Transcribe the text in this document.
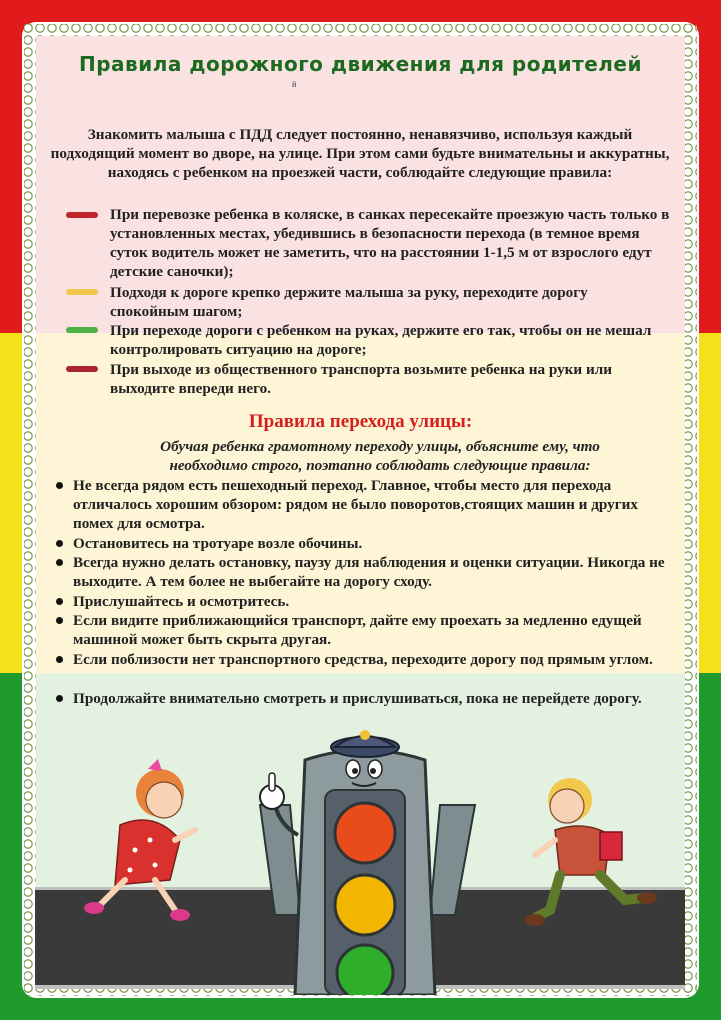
Правила дорожного движения для родителей
й
Знакомить малыша с ПДД следует постоянно, ненавязчиво, используя каждый подходящий момент во дворе, на улице. При этом сами будьте внимательны и аккуратны, находясь с ребенком на проезжей части, соблюдайте следующие правила:
При перевозке ребенка в коляске, в санках пересекайте проезжую часть только в установленных местах, убедившись в безопасности перехода (в темное время суток водитель может не заметить, что на расстоянии 1-1,5 м от взрослого едут детские саночки);
Подходя к дороге крепко держите малыша за руку, переходите дорогу спокойным шагом;
При переходе дороги с ребенком на руках, держите его так, чтобы он не мешал контролировать ситуацию на дороге;
При выходе из общественного транспорта возьмите ребенка на руки или выходите впереди него.
Правила перехода улицы:
Обучая ребенка грамотному переходу улицы, объясните ему, что необходимо строго, поэтапно соблюдать следующие правила:
Не всегда рядом есть пешеходный переход. Главное, чтобы место для перехода отличалось хорошим обзором: рядом не было поворотов,стоящих машин и других помех для осмотра.
Остановитесь на тротуаре возле обочины.
Всегда нужно делать остановку, паузу для наблюдения и оценки ситуации. Никогда не выходите. А тем более не выбегайте на дорогу сходу.
Прислушайтесь и осмотритесь.
Если видите приближающийся транспорт, дайте ему проехать за медленно едущей машиной может быть скрыта другая.
Если поблизости нет транспортного средства, переходите дорогу под прямым углом.
Продолжайте внимательно смотреть и прислушиваться, пока не перейдете дорогу.
